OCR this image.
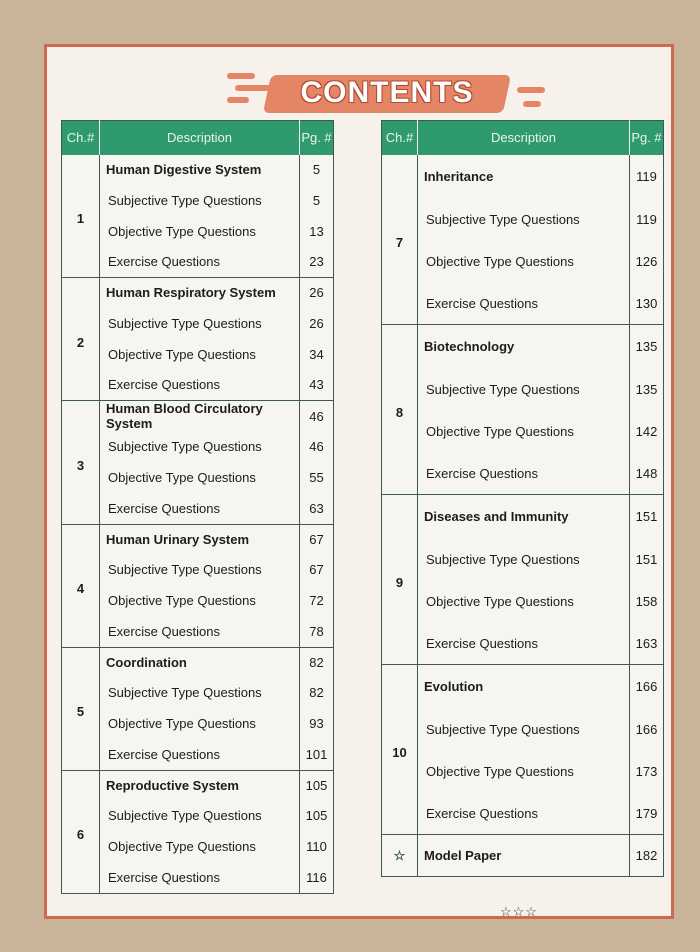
CONTENTS
Ch.#	Description	Pg. #
1	Human Digestive System	5
	Subjective Type Questions	5
	Objective Type Questions	13
	Exercise Questions	23
2	Human Respiratory System	26
	Subjective Type Questions	26
	Objective Type Questions	34
	Exercise Questions	43
3	Human Blood Circulatory System	46
	Subjective Type Questions	46
	Objective Type Questions	55
	Exercise Questions	63
4	Human Urinary System	67
	Subjective Type Questions	67
	Objective Type Questions	72
	Exercise Questions	78
5	Coordination	82
	Subjective Type Questions	82
	Objective Type Questions	93
	Exercise Questions	101
6	Reproductive System	105
	Subjective Type Questions	105
	Objective Type Questions	110
	Exercise Questions	116
Ch.#	Description	Pg. #
7	Inheritance	119
	Subjective Type Questions	119
	Objective Type Questions	126
	Exercise Questions	130
8	Biotechnology	135
	Subjective Type Questions	135
	Objective Type Questions	142
	Exercise Questions	148
9	Diseases and Immunity	151
	Subjective Type Questions	151
	Objective Type Questions	158
	Exercise Questions	163
10	Evolution	166
	Subjective Type Questions	166
	Objective Type Questions	173
	Exercise Questions	179
☆	Model Paper	182
☆☆☆
